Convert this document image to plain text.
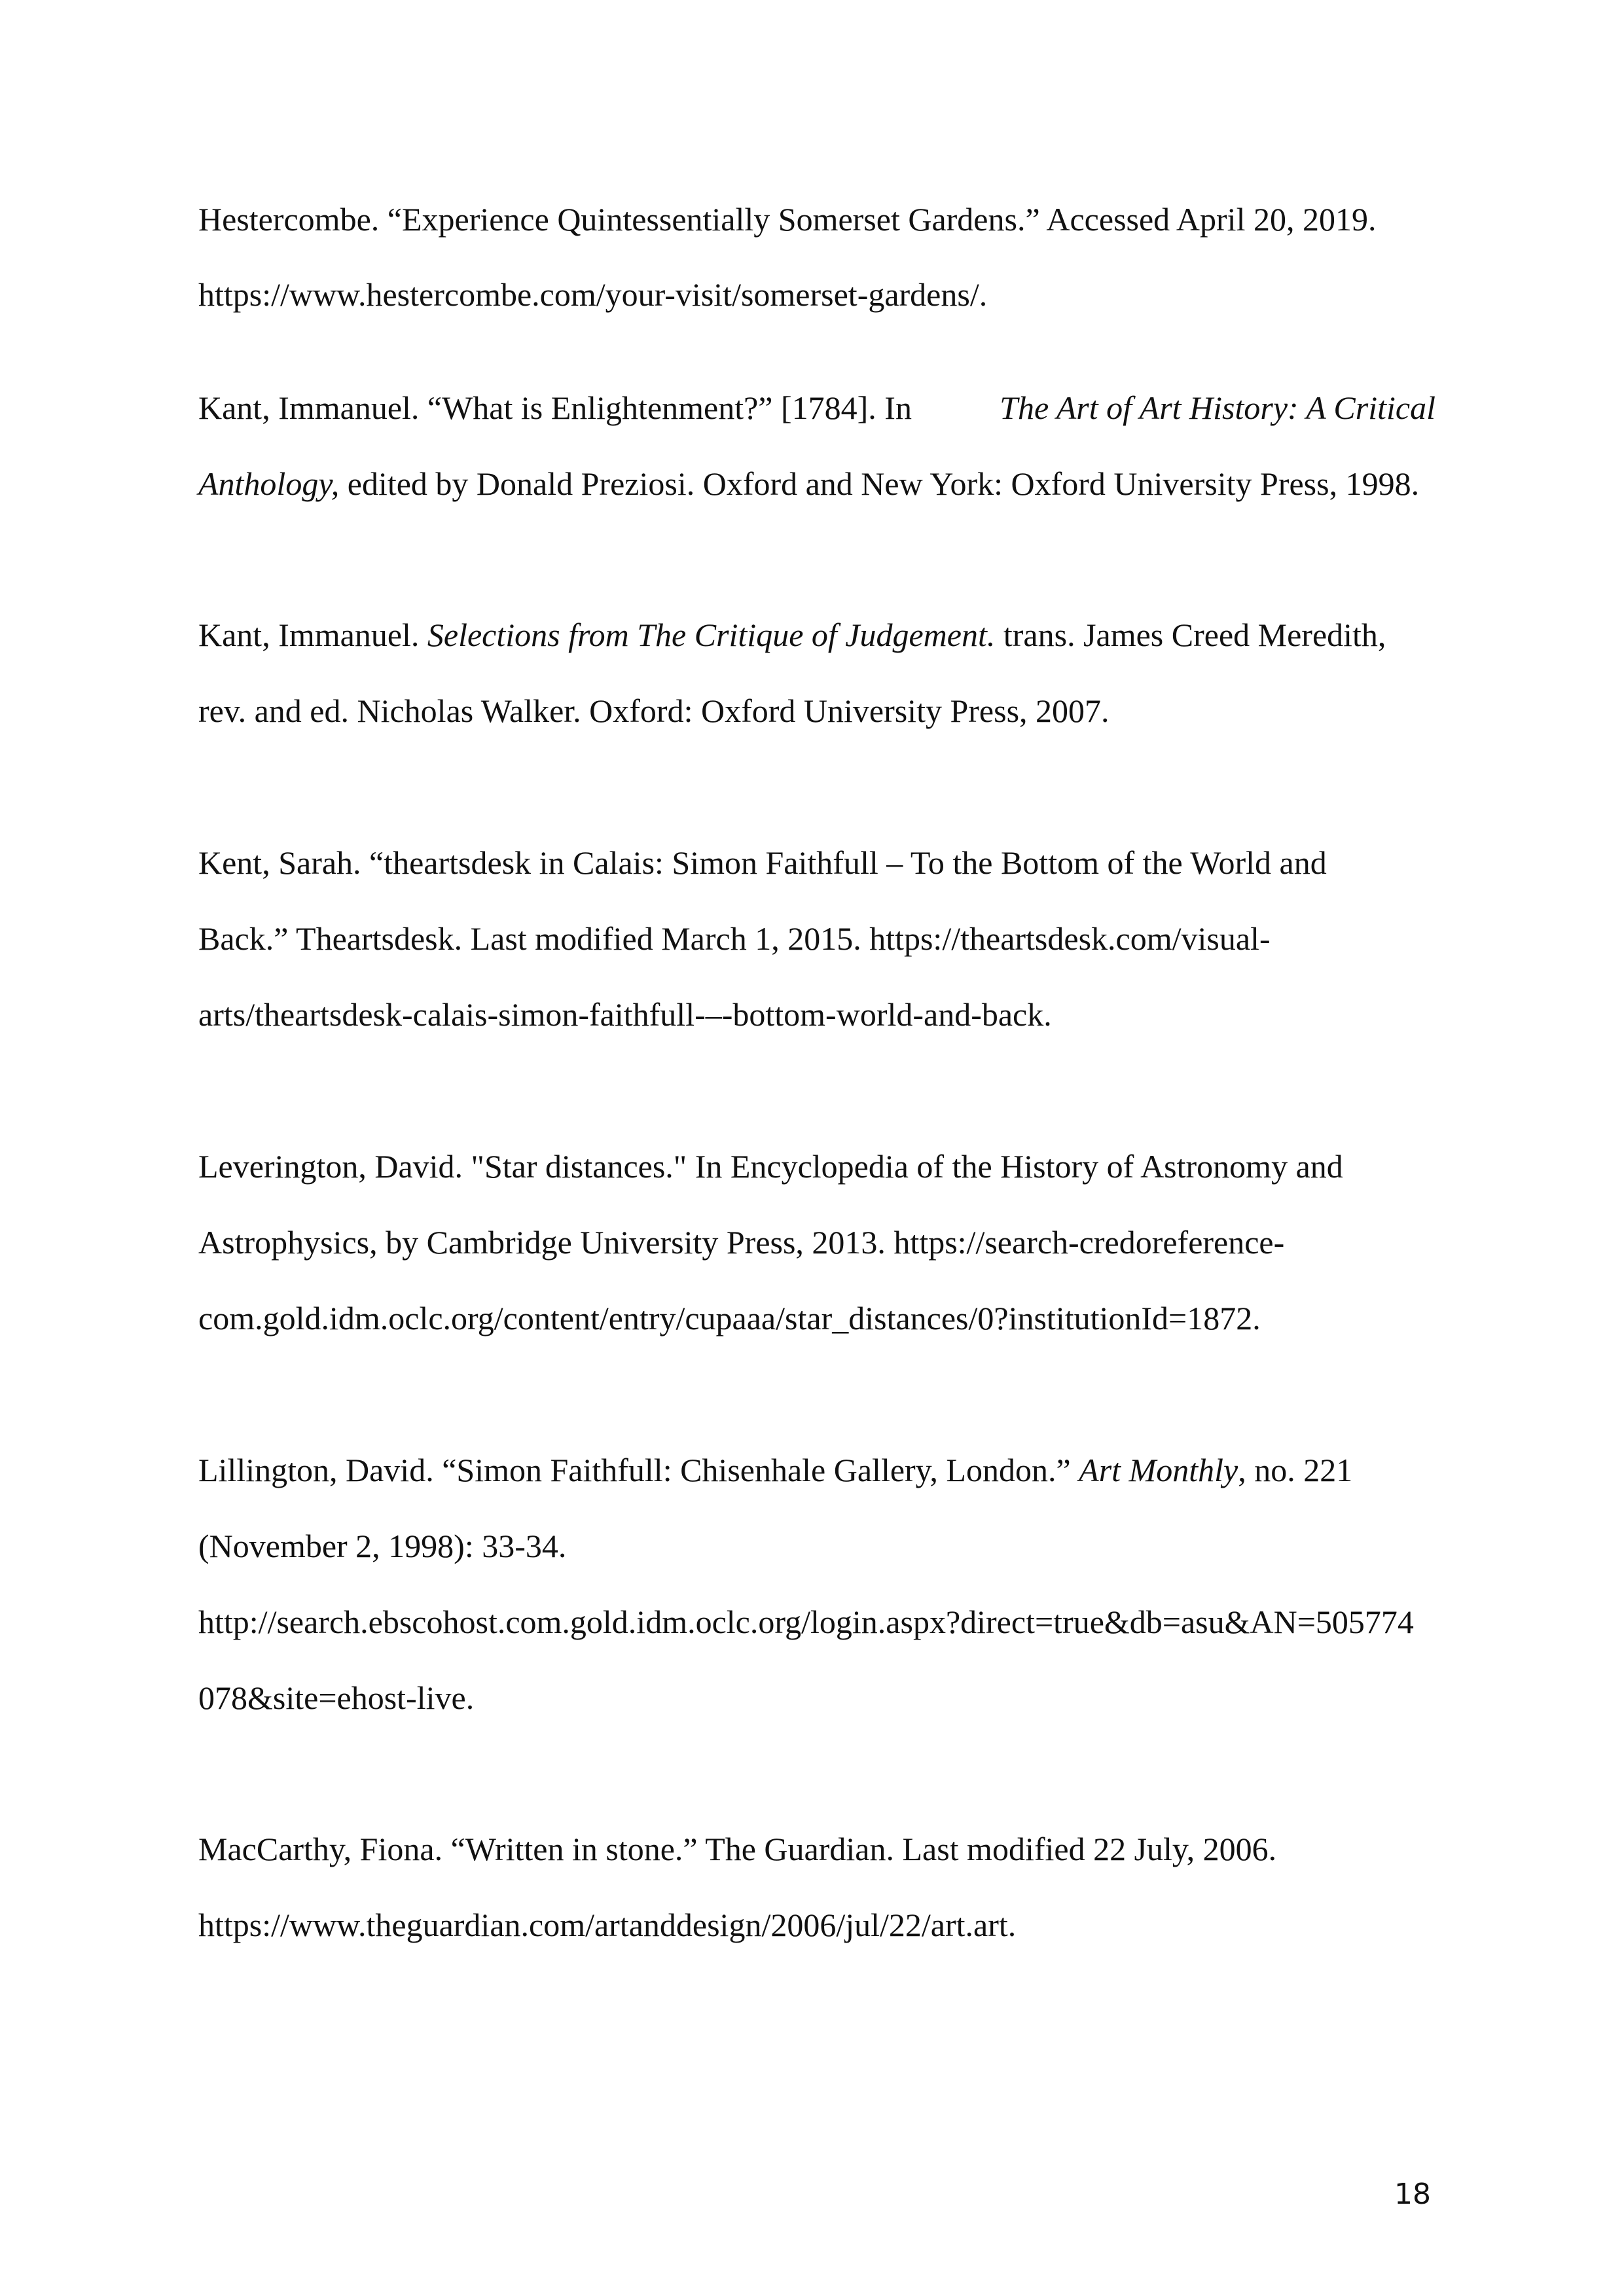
Hestercombe. “Experience Quintessentially Somerset Gardens.” Accessed April 20, 2019.
https://www.hestercombe.com/your-visit/somerset-gardens/.
Kant, Immanuel. “What is Enlightenment?” [1784]. In The Art of Art History: A Critical
Anthology, edited by Donald Preziosi. Oxford and New York: Oxford University Press, 1998.
Kant, Immanuel. Selections from The Critique of Judgement. trans. James Creed Meredith,
rev. and ed. Nicholas Walker. Oxford: Oxford University Press, 2007.
Kent, Sarah. “theartsdesk in Calais: Simon Faithfull – To the Bottom of the World and
Back.” Theartsdesk. Last modified March 1, 2015. https://theartsdesk.com/visual-
arts/theartsdesk-calais-simon-faithfull-–-bottom-world-and-back.
Leverington, David. "Star distances." In Encyclopedia of the History of Astronomy and
Astrophysics, by Cambridge University Press, 2013. https://search-credoreference-
com.gold.idm.oclc.org/content/entry/cupaaa/star_distances/0?institutionId=1872.
Lillington, David. “Simon Faithfull: Chisenhale Gallery, London.” Art Monthly, no. 221
(November 2, 1998): 33-34.
http://search.ebscohost.com.gold.idm.oclc.org/login.aspx?direct=true&db=asu&AN=505774
078&site=ehost-live.
MacCarthy, Fiona. “Written in stone.” The Guardian. Last modified 22 July, 2006.
https://www.theguardian.com/artanddesign/2006/jul/22/art.art.
18
